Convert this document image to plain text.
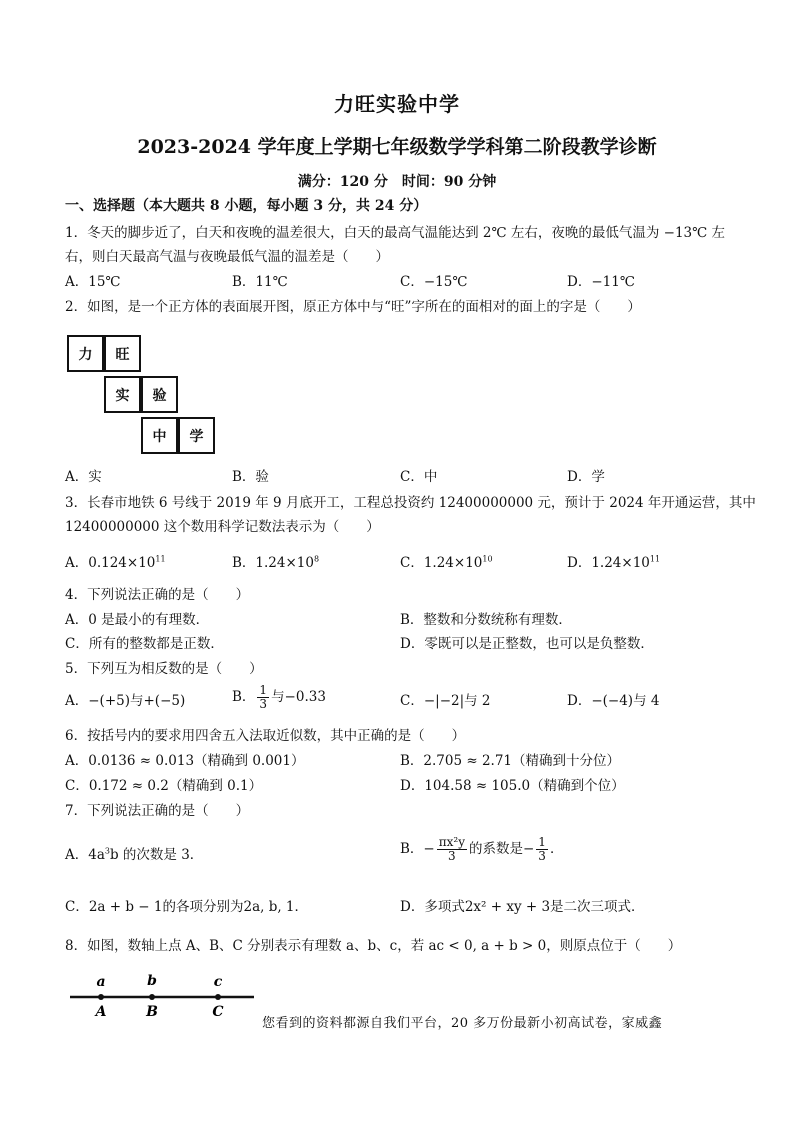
力旺实验中学
2023-2024 学年度上学期七年级数学学科第二阶段教学诊断
满分：120 分　时间：90 分钟
一、选择题（本大题共 8 小题，每小题 3 分，共 24 分）
1．冬天的脚步近了，白天和夜晚的温差很大，白天的最高气温能达到 2℃ 左右，夜晚的最低气温为 −13℃ 左
右，则白天最高气温与夜晚最低气温的温差是（　　）
A．15℃	B．11℃	C．−15℃	D．−11℃
2．如图，是一个正方体的表面展开图，原正方体中与“旺”字所在的面相对的面上的字是（　　）
力	旺
实	验
中	学
A．实	B．验	C．中	D．学
3．长春市地铁 6 号线于 2019 年 9 月底开工，工程总投资约 12400000000 元，预计于 2024 年开通运营，其中
12400000000 这个数用科学记数法表示为（　　）
A．$0.124\times 10^{11}$	B．$1.24\times 10^8$	C．$1.24\times 10^{10}$	D．$1.24\times 10^{11}$
4．下列说法正确的是（　　）
A．0 是最小的有理数．	B．整数和分数统称有理数．
C．所有的整数都是正数．	D．零既可以是正整数，也可以是负整数．
5．下列互为相反数的是（　　）
A．−(+5)与+(−5)	B． $\frac{1}{3}$ 与−0.33	C．−|−2|与 2	D．−(−4)与 4
6．按括号内的要求用四舍五入法取近似数，其中正确的是（　　）
A．0.0136 ≈ 0.013（精确到 0.001）	B．2.705 ≈ 2.71（精确到十分位）
C．0.172 ≈ 0.2（精确到 0.1）	D．104.58 ≈ 105.0（精确到个位）
7．下列说法正确的是（　　）
A．$4a^3b$ 的次数是 3．	B．− $\frac{\text{πx²y}}{3}$ 的系数是− $\frac{1}{3}$ ．
C．2a + b − 1的各项分别为2a, b, 1．	D．多项式2x² + xy + 3是二次三项式．
8．如图，数轴上点 A、B、C 分别表示有理数 a、b、c，若 ac < 0, a + b > 0，则原点位于（　　）
a	b	c
A	B	C
您看到的资料都源自我们平台，20 多万份最新小初高试卷，家威鑫
